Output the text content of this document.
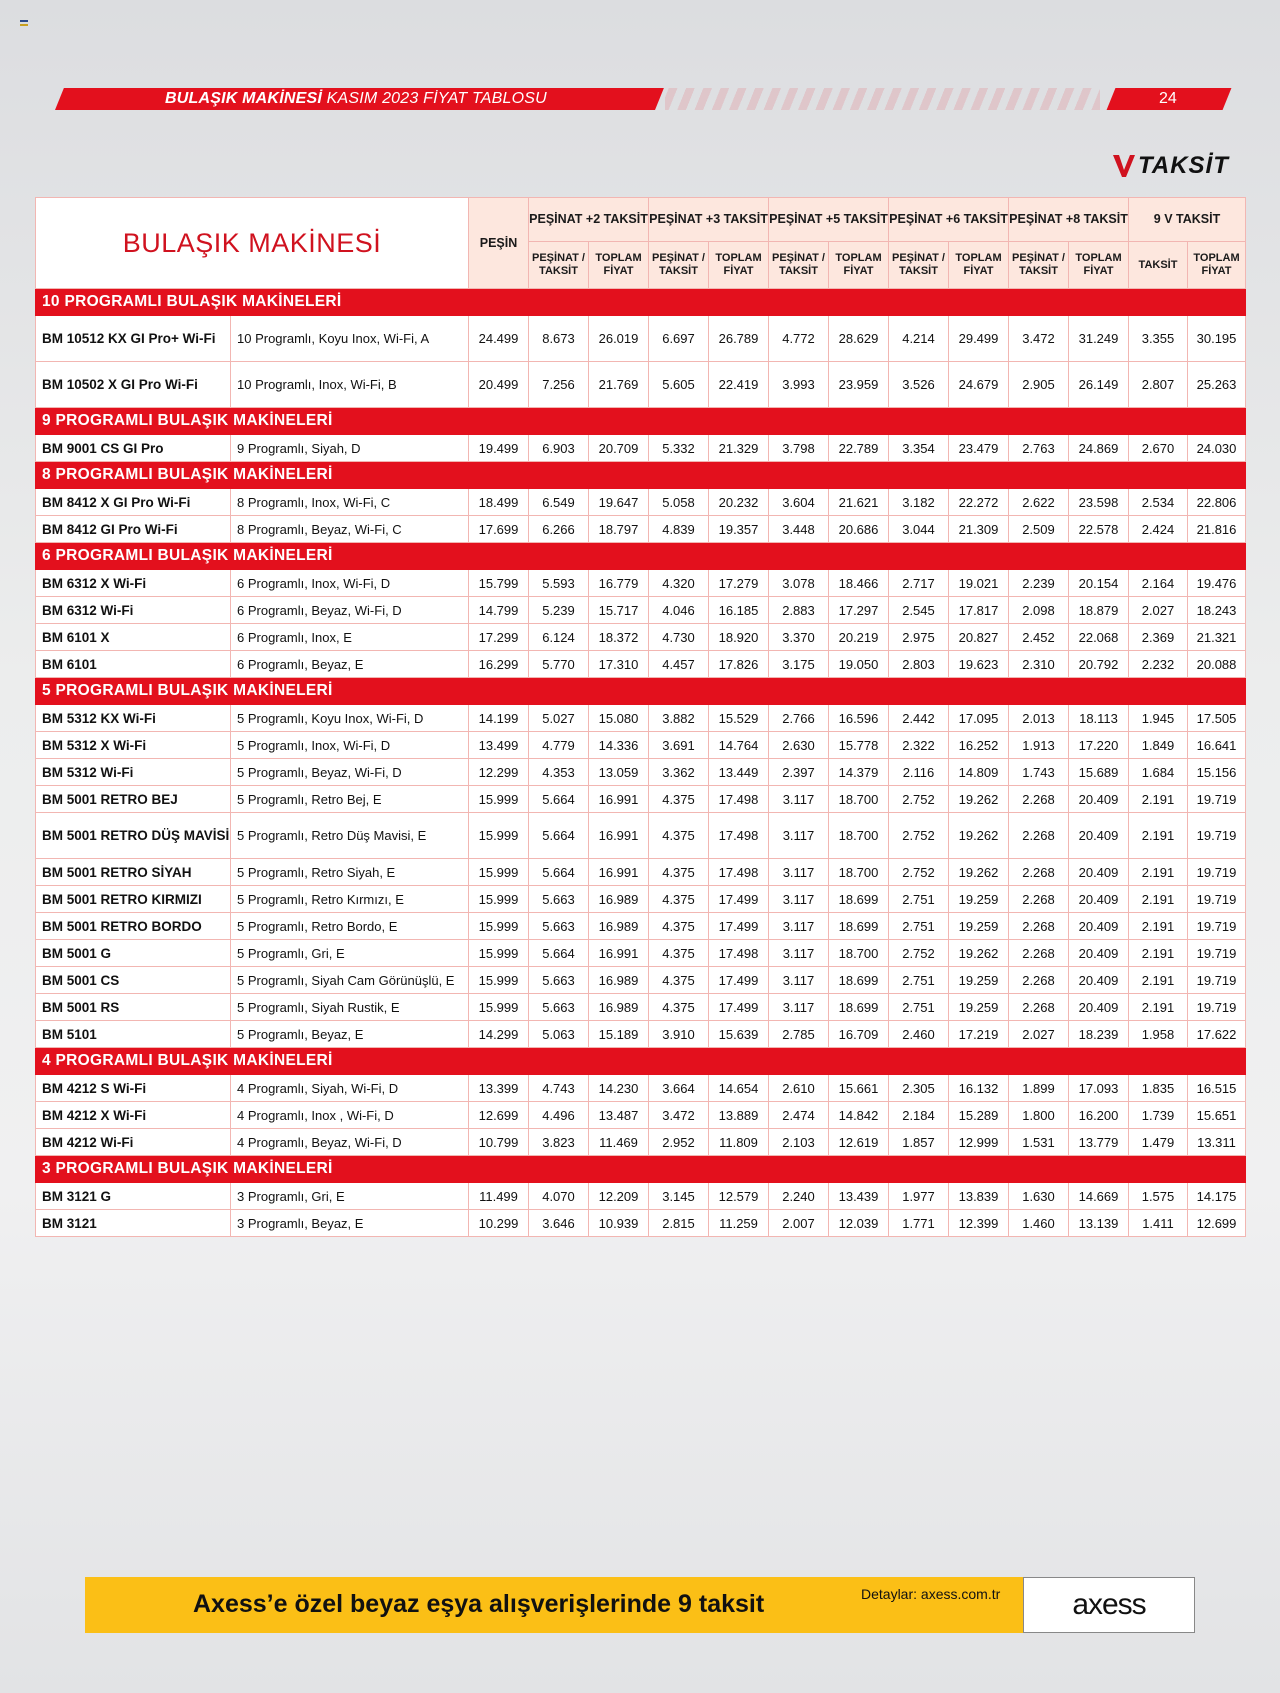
BULAŞIK MAKİNESİ KASIM 2023 FİYAT TABLOSU	24
TAKSİT
BULAŞIK MAKİNESİ		PEŞİN	PEŞİNAT +2 TAKSİT		PEŞİNAT +3 TAKSİT		PEŞİNAT +5 TAKSİT		PEŞİNAT +6 TAKSİT		PEŞİNAT +8 TAKSİT		9 V TAKSİT	
			PEŞİNAT / TAKSİT	TOPLAM FİYAT	PEŞİNAT / TAKSİT	TOPLAM FİYAT	PEŞİNAT / TAKSİT	TOPLAM FİYAT	PEŞİNAT / TAKSİT	TOPLAM FİYAT	PEŞİNAT / TAKSİT	TOPLAM FİYAT	TAKSİT	TOPLAM FİYAT
10 PROGRAMLI BULAŞIK MAKİNELERİ														
BM 10512 KX GI Pro+ Wi-Fi	10 Programlı, Koyu Inox, Wi-Fi, A	24.499	8.673	26.019	6.697	26.789	4.772	28.629	4.214	29.499	3.472	31.249	3.355	30.195
BM 10502 X GI Pro Wi-Fi	10 Programlı, Inox, Wi-Fi, B	20.499	7.256	21.769	5.605	22.419	3.993	23.959	3.526	24.679	2.905	26.149	2.807	25.263
9 PROGRAMLI BULAŞIK MAKİNELERİ														
BM 9001 CS GI Pro	9 Programlı, Siyah, D	19.499	6.903	20.709	5.332	21.329	3.798	22.789	3.354	23.479	2.763	24.869	2.670	24.030
8 PROGRAMLI BULAŞIK MAKİNELERİ														
BM 8412 X GI Pro Wi-Fi	8 Programlı, Inox, Wi-Fi, C	18.499	6.549	19.647	5.058	20.232	3.604	21.621	3.182	22.272	2.622	23.598	2.534	22.806
BM 8412 GI Pro Wi-Fi	8 Programlı, Beyaz, Wi-Fi, C	17.699	6.266	18.797	4.839	19.357	3.448	20.686	3.044	21.309	2.509	22.578	2.424	21.816
6 PROGRAMLI BULAŞIK MAKİNELERİ														
BM 6312 X Wi-Fi	6 Programlı, Inox, Wi-Fi, D	15.799	5.593	16.779	4.320	17.279	3.078	18.466	2.717	19.021	2.239	20.154	2.164	19.476
BM 6312 Wi-Fi	6 Programlı, Beyaz, Wi-Fi, D	14.799	5.239	15.717	4.046	16.185	2.883	17.297	2.545	17.817	2.098	18.879	2.027	18.243
BM 6101 X	6 Programlı, Inox, E	17.299	6.124	18.372	4.730	18.920	3.370	20.219	2.975	20.827	2.452	22.068	2.369	21.321
BM 6101	6 Programlı, Beyaz, E	16.299	5.770	17.310	4.457	17.826	3.175	19.050	2.803	19.623	2.310	20.792	2.232	20.088
5 PROGRAMLI BULAŞIK MAKİNELERİ														
BM 5312 KX Wi-Fi	5 Programlı, Koyu Inox, Wi-Fi, D	14.199	5.027	15.080	3.882	15.529	2.766	16.596	2.442	17.095	2.013	18.113	1.945	17.505
BM 5312 X Wi-Fi	5 Programlı, Inox, Wi-Fi, D	13.499	4.779	14.336	3.691	14.764	2.630	15.778	2.322	16.252	1.913	17.220	1.849	16.641
BM 5312 Wi-Fi	5 Programlı, Beyaz, Wi-Fi, D	12.299	4.353	13.059	3.362	13.449	2.397	14.379	2.116	14.809	1.743	15.689	1.684	15.156
BM 5001 RETRO BEJ	5 Programlı, Retro Bej, E	15.999	5.664	16.991	4.375	17.498	3.117	18.700	2.752	19.262	2.268	20.409	2.191	19.719
BM 5001 RETRO DÜŞ MAVİSİ	5 Programlı, Retro Düş Mavisi, E	15.999	5.664	16.991	4.375	17.498	3.117	18.700	2.752	19.262	2.268	20.409	2.191	19.719
BM 5001 RETRO SİYAH	5 Programlı, Retro Siyah, E	15.999	5.664	16.991	4.375	17.498	3.117	18.700	2.752	19.262	2.268	20.409	2.191	19.719
BM 5001 RETRO KIRMIZI	5 Programlı, Retro Kırmızı, E	15.999	5.663	16.989	4.375	17.499	3.117	18.699	2.751	19.259	2.268	20.409	2.191	19.719
BM 5001 RETRO BORDO	5 Programlı, Retro Bordo, E	15.999	5.663	16.989	4.375	17.499	3.117	18.699	2.751	19.259	2.268	20.409	2.191	19.719
BM 5001 G	5 Programlı, Gri, E	15.999	5.664	16.991	4.375	17.498	3.117	18.700	2.752	19.262	2.268	20.409	2.191	19.719
BM 5001 CS	5 Programlı, Siyah Cam Görünüşlü, E	15.999	5.663	16.989	4.375	17.499	3.117	18.699	2.751	19.259	2.268	20.409	2.191	19.719
BM 5001 RS	5 Programlı, Siyah Rustik, E	15.999	5.663	16.989	4.375	17.499	3.117	18.699	2.751	19.259	2.268	20.409	2.191	19.719
BM 5101	5 Programlı, Beyaz, E	14.299	5.063	15.189	3.910	15.639	2.785	16.709	2.460	17.219	2.027	18.239	1.958	17.622
4 PROGRAMLI BULAŞIK MAKİNELERİ														
BM 4212 S Wi-Fi	4 Programlı, Siyah, Wi-Fi, D	13.399	4.743	14.230	3.664	14.654	2.610	15.661	2.305	16.132	1.899	17.093	1.835	16.515
BM 4212 X Wi-Fi	4 Programlı, Inox , Wi-Fi, D	12.699	4.496	13.487	3.472	13.889	2.474	14.842	2.184	15.289	1.800	16.200	1.739	15.651
BM 4212 Wi-Fi	4 Programlı, Beyaz, Wi-Fi, D	10.799	3.823	11.469	2.952	11.809	2.103	12.619	1.857	12.999	1.531	13.779	1.479	13.311
3 PROGRAMLI BULAŞIK MAKİNELERİ														
BM 3121 G	3 Programlı, Gri, E	11.499	4.070	12.209	3.145	12.579	2.240	13.439	1.977	13.839	1.630	14.669	1.575	14.175
BM 3121	3 Programlı, Beyaz, E	10.299	3.646	10.939	2.815	11.259	2.007	12.039	1.771	12.399	1.460	13.139	1.411	12.699
Axess’e özel beyaz eşya alışverişlerinde 9 taksit	Detaylar: axess.com.tr axess
